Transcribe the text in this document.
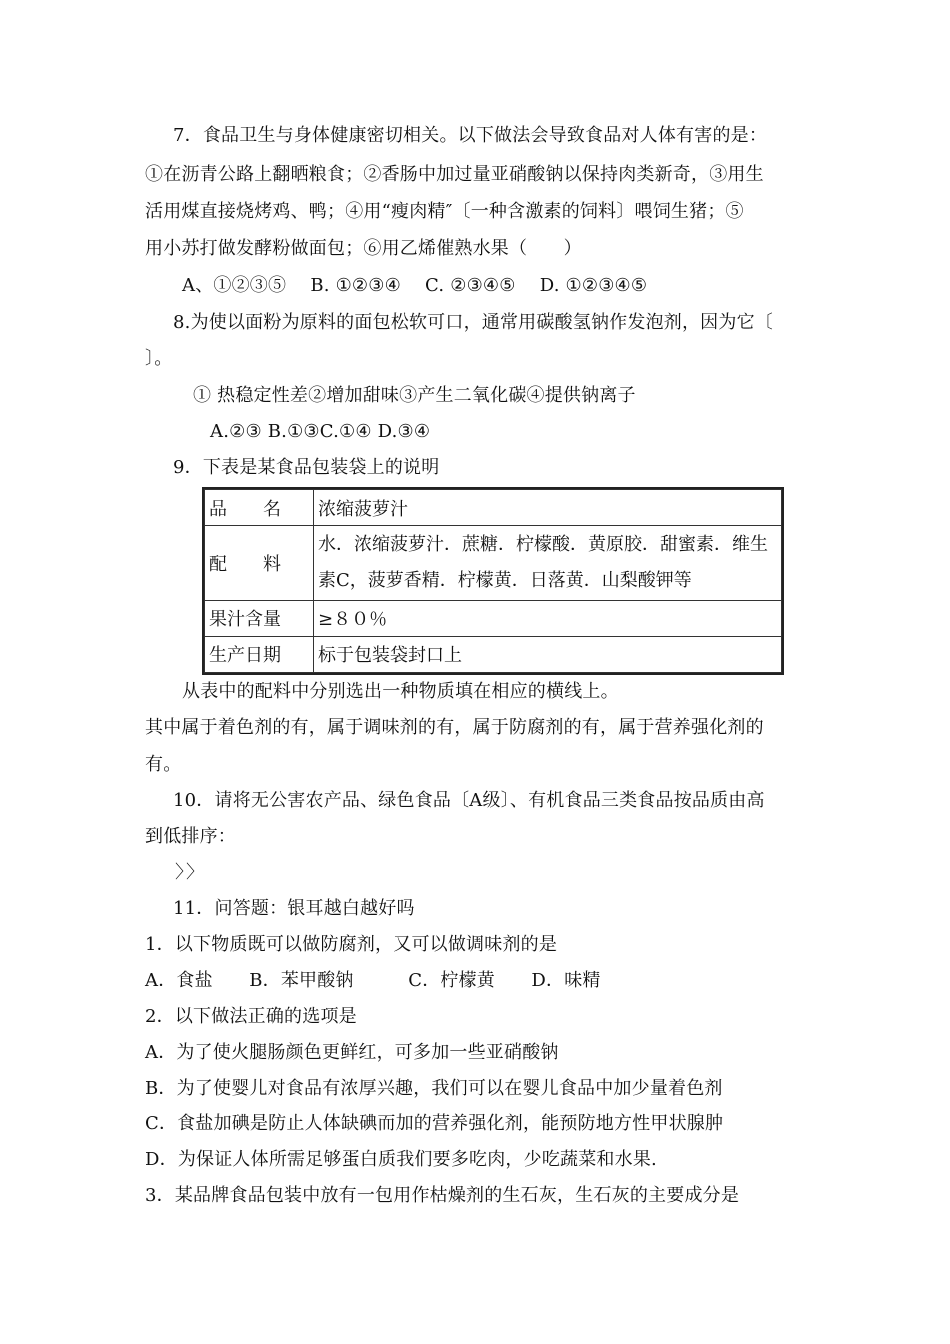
7．食品卫生与身体健康密切相关。以下做法会导致食品对人体有害的是：
①在沥青公路上翻晒粮食；②香肠中加过量亚硝酸钠以保持肉类新奇，③用生
活用煤直接烧烤鸡、鸭；④用“瘦肉精″〔一种含激素的饲料〕喂饲生猪；⑤
用小苏打做发酵粉做面包；⑥用乙烯催熟水果（　　）
A、①②③⑤　 B. ①②③④　 C. ②③④⑤　 D. ①②③④⑤
8.为使以面粉为原料的面包松软可口，通常用碳酸氢钠作发泡剂，因为它〔
〕。
① 热稳定性差②增加甜味③产生二氧化碳④提供钠离子
A.②③ B.①③C.①④ D.③④
9．下表是某食品包装袋上的说明
品　　名	浓缩菠萝汁
配　　料	水．浓缩菠萝汁．蔗糖．柠檬酸．黄原胶．甜蜜素．维生素C，菠萝香精．柠檬黄．日落黄．山梨酸钾等
果汁含量	≥８０％
生产日期	标于包装袋封口上
从表中的配料中分别选出一种物质填在相应的横线上。
其中属于着色剂的有，属于调味剂的有，属于防腐剂的有，属于营养强化剂的
有。
10．请将无公害农产品、绿色食品〔A级〕、有机食品三类食品按品质由高
到低排序：
〉〉
11．问答题：银耳越白越好吗
1．以下物质既可以做防腐剂，又可以做调味剂的是
A．食盐　　B．苯甲酸钠　　　C．柠檬黄　　D．味精
2．以下做法正确的选项是
A．为了使火腿肠颜色更鲜红，可多加一些亚硝酸钠
B．为了使婴儿对食品有浓厚兴趣，我们可以在婴儿食品中加少量着色剂
C．食盐加碘是防止人体缺碘而加的营养强化剂，能预防地方性甲状腺肿
D．为保证人体所需足够蛋白质我们要多吃肉，少吃蔬菜和水果.
3．某品牌食品包装中放有一包用作枯燥剂的生石灰，生石灰的主要成分是
